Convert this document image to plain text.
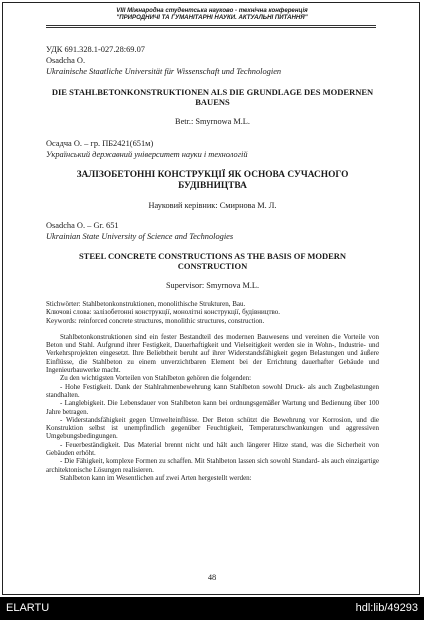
VIII Міжнародна студентська науково - технічна конференція
"ПРИРОДНИЧІ ТА ГУМАНІТАРНІ НАУКИ. АКТУАЛЬНІ ПИТАННЯ"
УДК 691.328.1-027.28:69.07
Osadcha O.
Ukrainische Staatliche Universität für Wissenschaft und Technologien
DIE STAHLBETONKONSTRUKTIONEN ALS DIE GRUNDLAGE DES MODERNEN BAUENS
Betr.: Smyrnowa M.L.
Осадча О. – гр. ПБ2421(651м)
Український державний університет науки і технологій
ЗАЛІЗОБЕТОННІ КОНСТРУКЦІЇ ЯК ОСНОВА СУЧАСНОГО БУДІВНИЦТВА
Науковий керівник: Смирнова М. Л.
Osadcha O. – Gr. 651
Ukrainian State University of Science and Technologies
STEEL CONCRETE CONSTRUCTIONS AS THE BASIS OF MODERN CONSTRUCTION
Supervisor: Smyrnova M.L.
Stichwörter: Stahlbetonkonstruktionen, monolithische Strukturen, Bau.
Ключові слова: залізобетонні конструкції, монолітні конструкції, будівництво.
Keywords: reinforced concrete structures, monolithic structures, construction.

Stahlbetonkonstruktionen sind ein fester Bestandteil des modernen Bauwesens und vereinen die Vorteile von Beton und Stahl. Aufgrund ihrer Festigkeit, Dauerhaftigkeit und Vielseitigkeit werden sie in Wohn-, Industrie- und Verkehrsprojekten eingesetzt. Ihre Beliebtheit beruht auf ihrer Widerstandsfähigkeit gegen Belastungen und äußere Einflüsse, die Stahlbeton zu einem unverzichtbaren Element bei der Errichtung dauerhafter Gebäude und Ingenieurbauwerke macht.

Zu den wichtigsten Vorteilen von Stahlbeton gehören die folgenden:

- Hohe Festigkeit. Dank der Stahlrahmenbewehrung kann Stahlbeton sowohl Druck- als auch Zugbelastungen standhalten.

- Langlebigkeit. Die Lebensdauer von Stahlbeton kann bei ordnungsgemäßer Wartung und Bedienung über 100 Jahre betragen.

- Widerstandsfähigkeit gegen Umwelteinflüsse. Der Beton schützt die Bewehrung vor Korrosion, und die Konstruktion selbst ist unempfindlich gegenüber Feuchtigkeit, Temperaturschwankungen und aggressiven Umgebungsbedingungen.

- Feuerbeständigkeit. Das Material brennt nicht und hält auch längerer Hitze stand, was die Sicherheit von Gebäuden erhöht.

- Die Fähigkeit, komplexe Formen zu schaffen. Mit Stahlbeton lassen sich sowohl Standard- als auch einzigartige architektonische Lösungen realisieren.

Stahlbeton kann im Wesentlichen auf zwei Arten hergestellt werden:

48
ELARTU	hdl:lib/49293
